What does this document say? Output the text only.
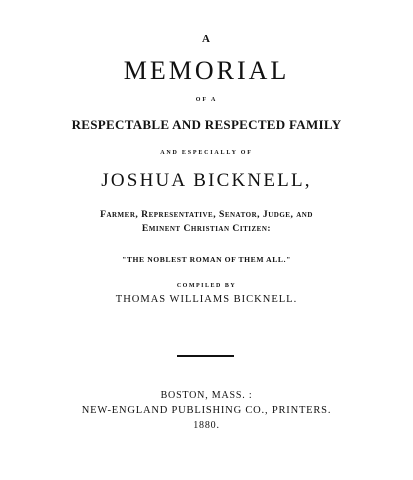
A
MEMORIAL
OF A
RESPECTABLE AND RESPECTED FAMILY
AND ESPECIALLY OF
JOSHUA BICKNELL,
Farmer, Representative, Senator, Judge, and
Eminent Christian Citizen:
"THE NOBLEST ROMAN OF THEM ALL."
COMPILED BY
THOMAS WILLIAMS BICKNELL.
BOSTON, MASS. :
NEW-ENGLAND PUBLISHING CO., PRINTERS.
1880.
